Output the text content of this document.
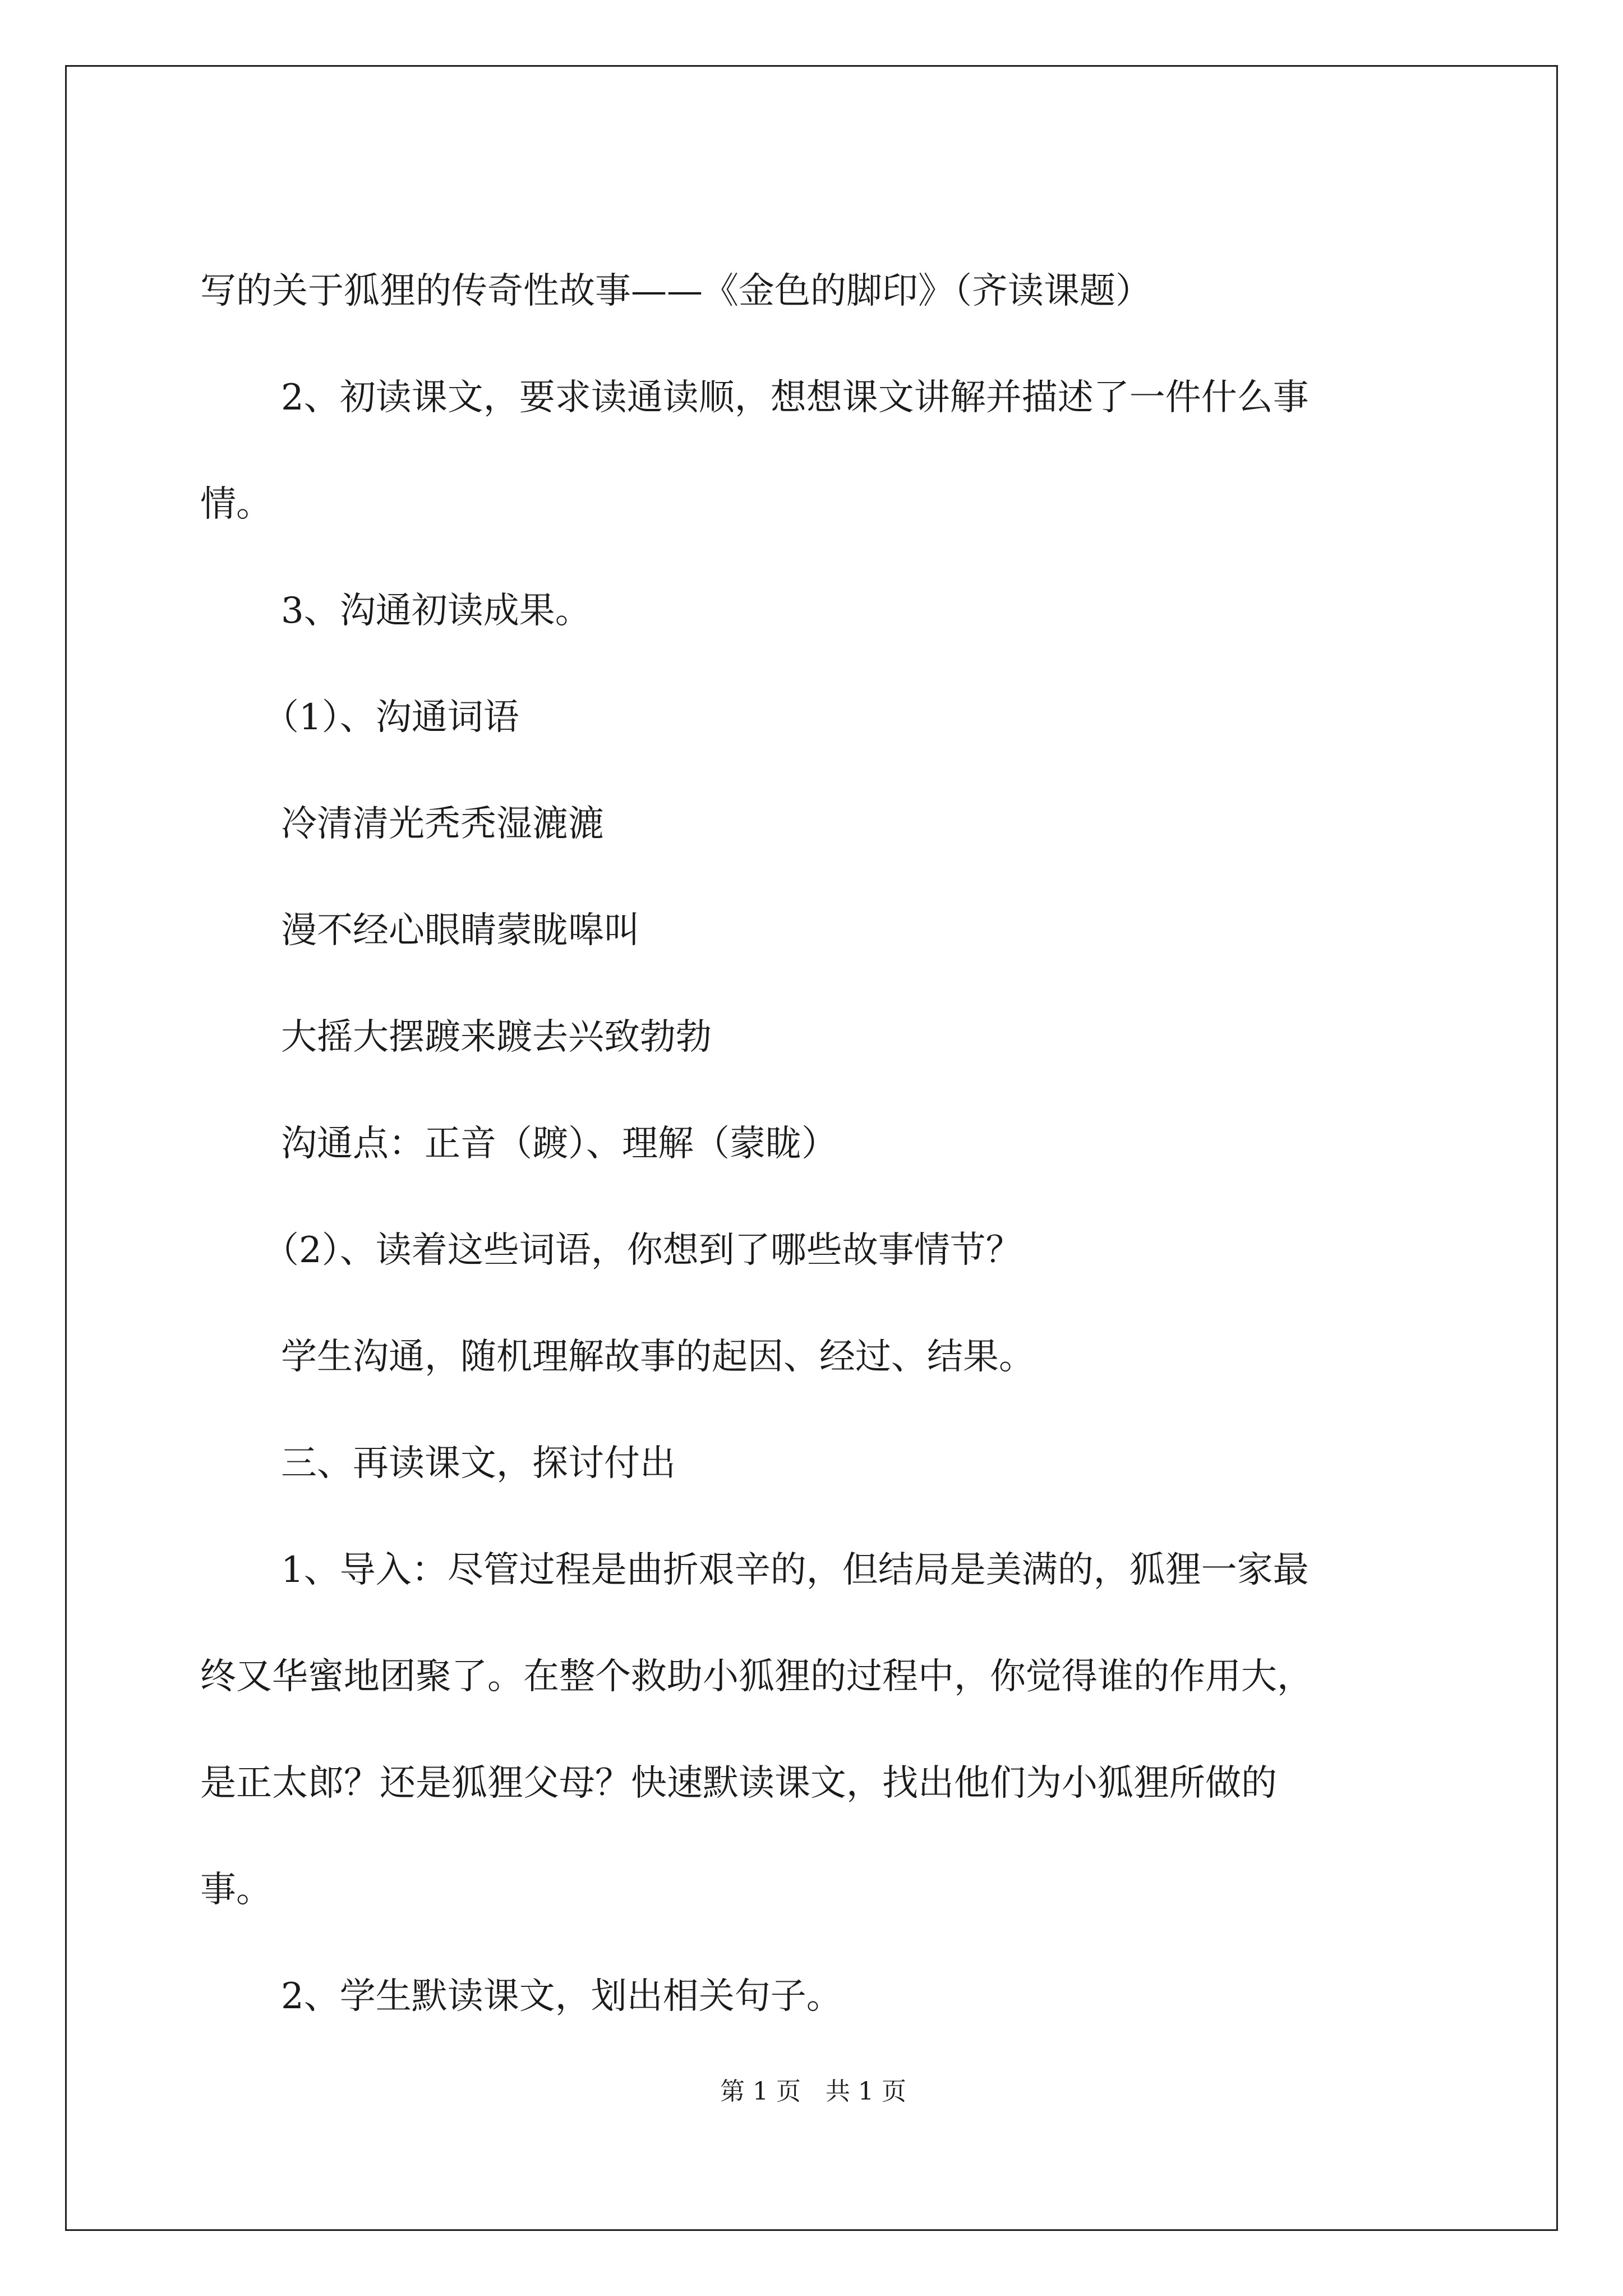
写的关于狐狸的传奇性故事——《金色的脚印》（齐读课题）
2、初读课文，要求读通读顺，想想课文讲解并描述了一件什么事
情。
3、沟通初读成果。
（1）、沟通词语
冷清清光秃秃湿漉漉
漫不经心眼睛蒙眬嗥叫
大摇大摆踱来踱去兴致勃勃
沟通点：正音（踱）、理解（蒙眬）
（2）、读着这些词语，你想到了哪些故事情节？
学生沟通，随机理解故事的起因、经过、结果。
三、再读课文，探讨付出
1、导入：尽管过程是曲折艰辛的，但结局是美满的，狐狸一家最
终又华蜜地团聚了。在整个救助小狐狸的过程中，你觉得谁的作用大，
是正太郎？还是狐狸父母？快速默读课文，找出他们为小狐狸所做的
事。
2、学生默读课文，划出相关句子。
第 1 页　共 1 页
